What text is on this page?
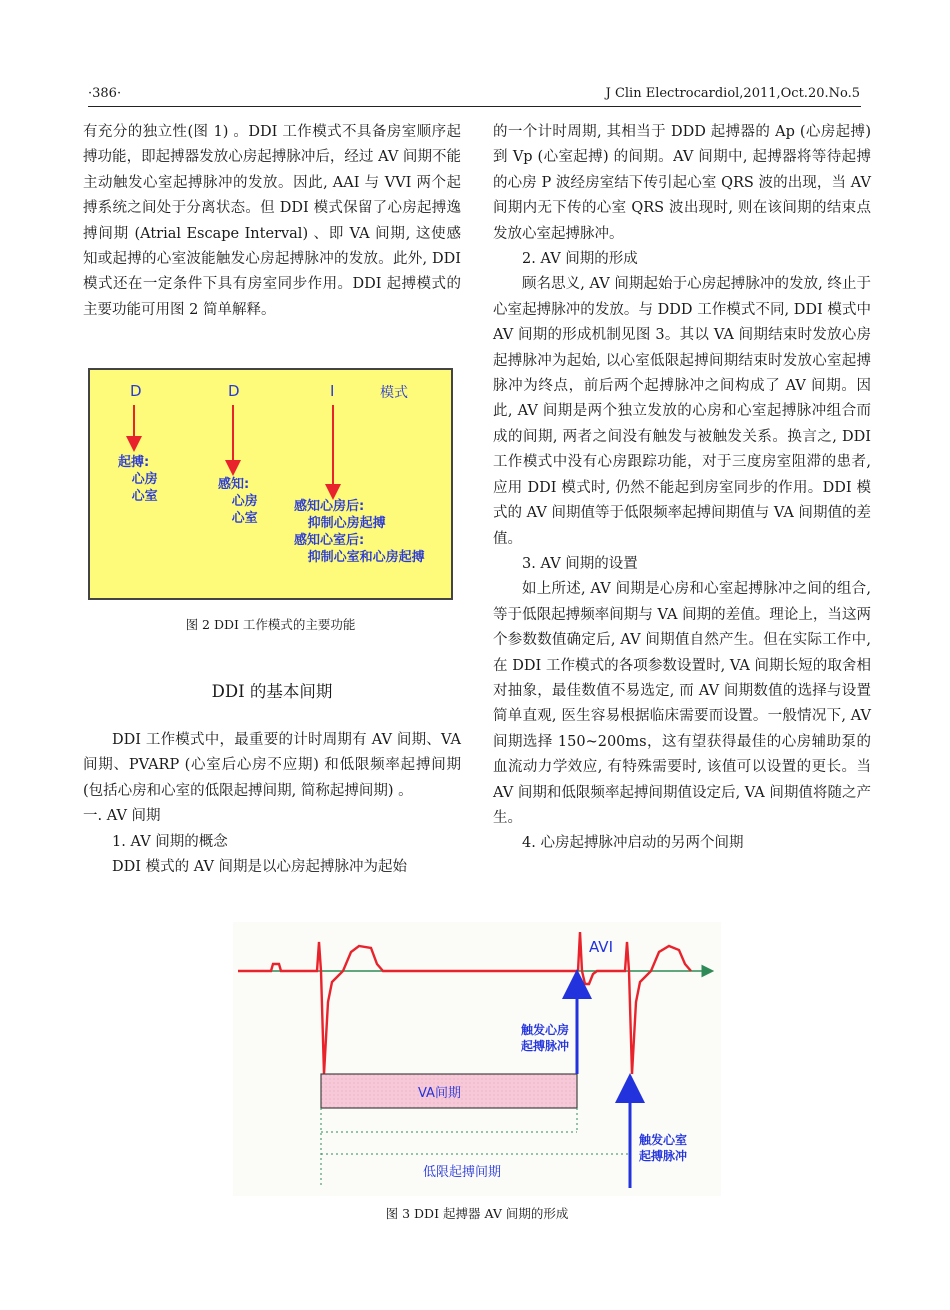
·386·	J Clin Electrocardiol,2011,Oct.20.No.5

有充分的独立性(图 1) 。DDI 工作模式不具备房室顺序起搏功能，即起搏器发放心房起搏脉冲后，经过 AV 间期不能主动触发心室起搏脉冲的发放。因此, AAI 与 VVI 两个起搏系统之间处于分离状态。但 DDI 模式保留了心房起搏逸搏间期 (Atrial Escape Interval) 、即 VA 间期, 这使感知或起搏的心室波能触发心房起搏脉冲的发放。此外, DDI 模式还在一定条件下具有房室同步作用。DDI 起搏模式的主要功能可用图 2 简单解释。

D	D	I	模式
起搏:
心房
心室
感知:
心房
心室
感知心房后:
抑制心房起搏
感知心室后:
抑制心室和心房起搏
图 2 DDI 工作模式的主要功能
DDI 的基本间期

DDI 工作模式中，最重要的计时周期有 AV 间期、VA 间期、PVARP (心室后心房不应期) 和低限频率起搏间期 (包括心房和心室的低限起搏间期, 简称起搏间期) 。

一. AV 间期

1. AV 间期的概念

DDI 模式的 AV 间期是以心房起搏脉冲为起始

的一个计时周期, 其相当于 DDD 起搏器的 Ap (心房起搏) 到 Vp (心室起搏) 的间期。AV 间期中, 起搏器将等待起搏的心房 P 波经房室结下传引起心室 QRS 波的出现，当 AV 间期内无下传的心室 QRS 波出现时, 则在该间期的结束点发放心室起搏脉冲。

2. AV 间期的形成

顾名思义, AV 间期起始于心房起搏脉冲的发放, 终止于心室起搏脉冲的发放。与 DDD 工作模式不同, DDI 模式中 AV 间期的形成机制见图 3。其以 VA 间期结束时发放心房起搏脉冲为起始, 以心室低限起搏间期结束时发放心室起搏脉冲为终点，前后两个起搏脉冲之间构成了 AV 间期。因此, AV 间期是两个独立发放的心房和心室起搏脉冲组合而成的间期, 两者之间没有触发与被触发关系。换言之, DDI 工作模式中没有心房跟踪功能，对于三度房室阻滞的患者, 应用 DDI 模式时, 仍然不能起到房室同步的作用。DDI 模式的 AV 间期值等于低限频率起搏间期值与 VA 间期值的差值。

3. AV 间期的设置

如上所述, AV 间期是心房和心室起搏脉冲之间的组合, 等于低限起搏频率间期与 VA 间期的差值。理论上，当这两个参数数值确定后, AV 间期值自然产生。但在实际工作中, 在 DDI 工作模式的各项参数设置时, VA 间期长短的取舍相对抽象，最佳数值不易选定, 而 AV 间期数值的选择与设置简单直观, 医生容易根据临床需要而设置。一般情况下, AV 间期选择 150~200ms，这有望获得最佳的心房辅助泵的血流动力学效应, 有特殊需要时, 该值可以设置的更长。当 AV 间期和低限频率起搏间期值设定后, VA 间期值将随之产生。

4. 心房起搏脉冲启动的另两个间期

AVI
触发心房
起搏脉冲
VA间期
触发心室
起搏脉冲
低限起搏间期
图 3 DDI 起搏器 AV 间期的形成
